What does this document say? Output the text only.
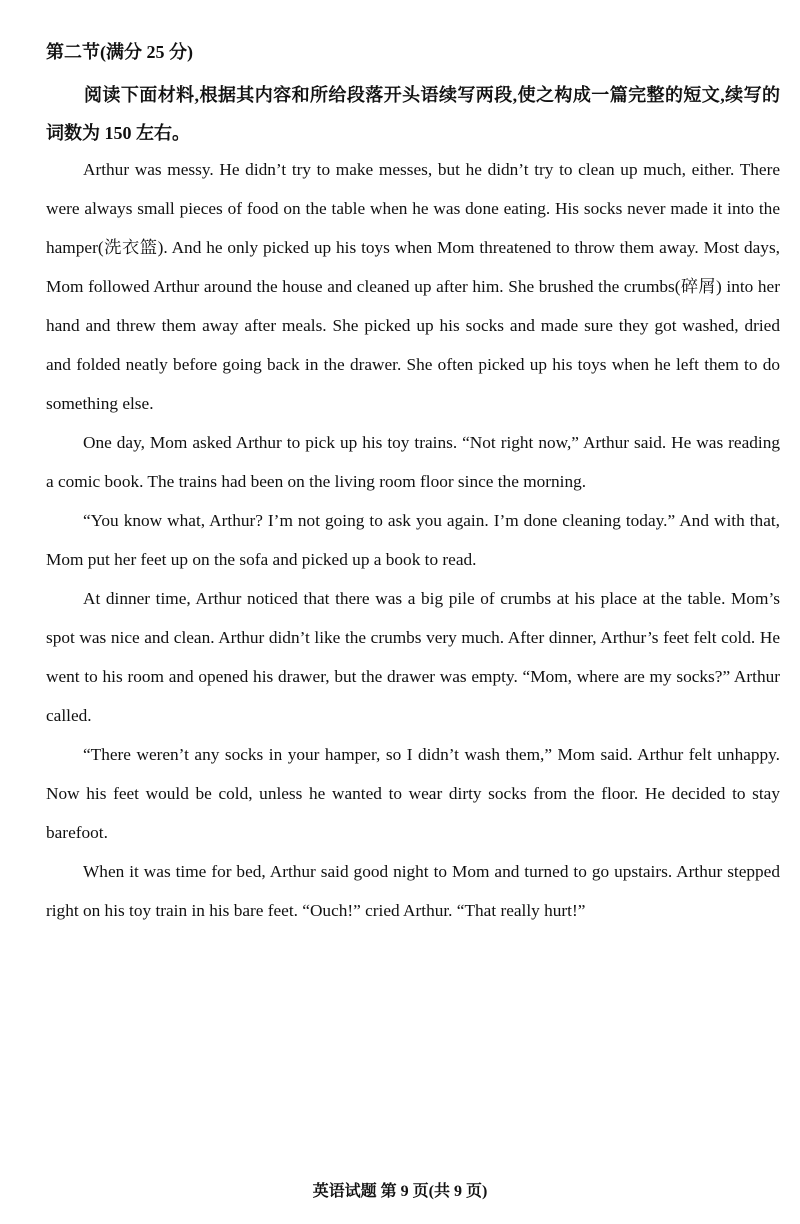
第二节(满分 25 分)

阅读下面材料,根据其内容和所给段落开头语续写两段,使之构成一篇完整的短文,续写的词数为 150 左右。

Arthur was messy. He didn’t try to make messes, but he didn’t try to clean up much, either. There were always small pieces of food on the table when he was done eating. His socks never made it into the hamper(洗衣篮). And he only picked up his toys when Mom threatened to throw them away. Most days, Mom followed Arthur around the house and cleaned up after him. She brushed the crumbs(碎屑) into her hand and threw them away after meals. She picked up his socks and made sure they got washed, dried and folded neatly before going back in the drawer. She often picked up his toys when he left them to do something else.

One day, Mom asked Arthur to pick up his toy trains. “Not right now,” Arthur said. He was reading a comic book. The trains had been on the living room floor since the morning.

“You know what, Arthur? I’m not going to ask you again. I’m done cleaning today.” And with that, Mom put her feet up on the sofa and picked up a book to read.

At dinner time, Arthur noticed that there was a big pile of crumbs at his place at the table. Mom’s spot was nice and clean. Arthur didn’t like the crumbs very much. After dinner, Arthur’s feet felt cold. He went to his room and opened his drawer, but the drawer was empty. “Mom, where are my socks?” Arthur called.

“There weren’t any socks in your hamper, so I didn’t wash them,” Mom said. Arthur felt unhappy. Now his feet would be cold, unless he wanted to wear dirty socks from the floor. He decided to stay barefoot.

When it was time for bed, Arthur said good night to Mom and turned to go upstairs. Arthur stepped right on his toy train in his bare feet. “Ouch!” cried Arthur. “That really hurt!”

英语试题 第 9 页(共 9 页)
